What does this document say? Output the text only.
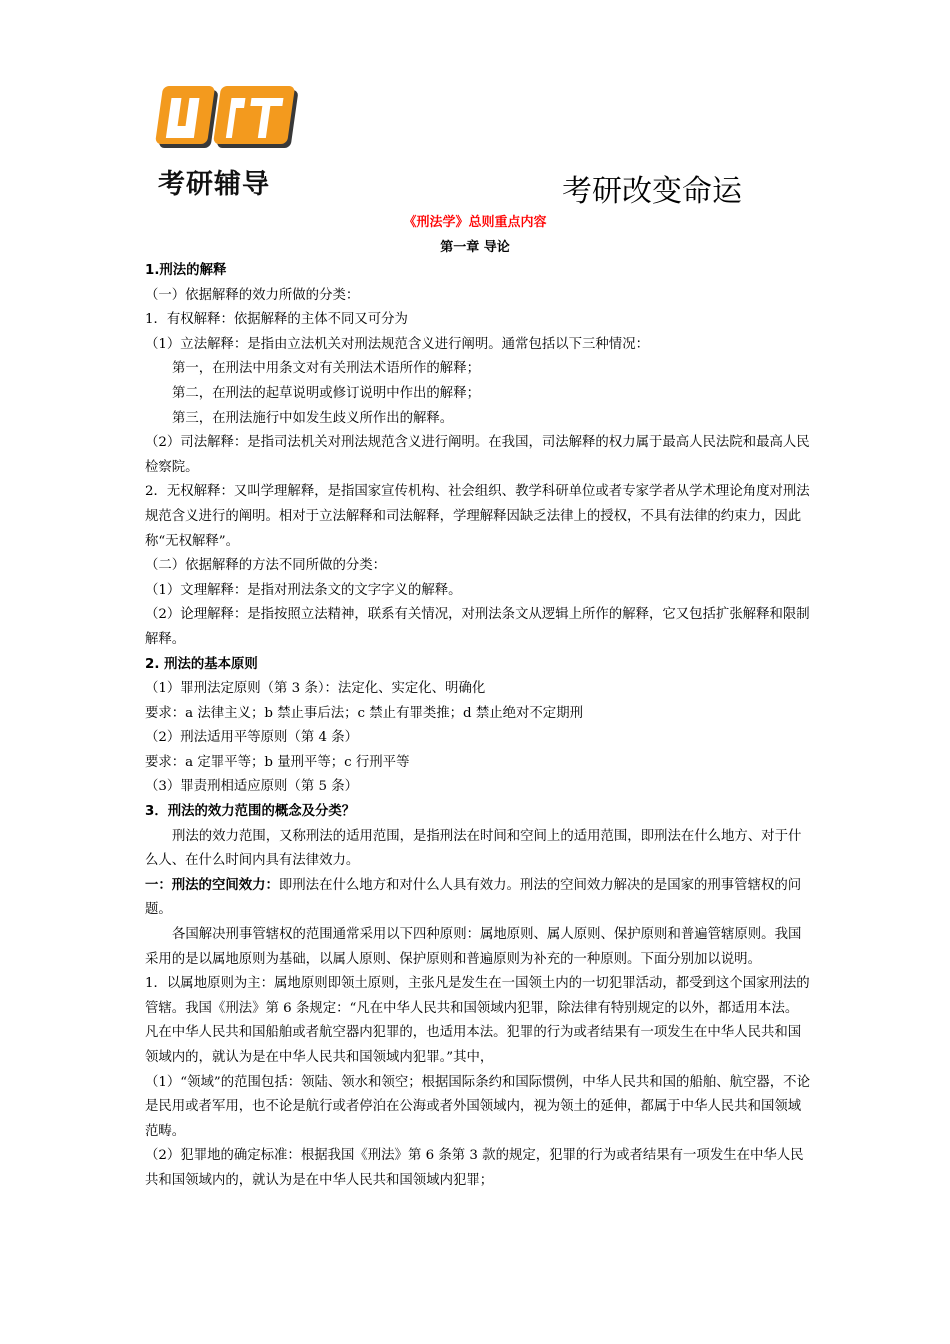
考研辅导	考研改变命运
《刑法学》总则重点内容
第一章 导论

1.刑法的解释

（一）依据解释的效力所做的分类：

1．有权解释：依据解释的主体不同又可分为

（1）立法解释：是指由立法机关对刑法规范含义进行阐明。通常包括以下三种情况：

第一，在刑法中用条文对有关刑法术语所作的解释；

第二，在刑法的起草说明或修订说明中作出的解释；

第三，在刑法施行中如发生歧义所作出的解释。

（2）司法解释：是指司法机关对刑法规范含义进行阐明。在我国，司法解释的权力属于最高人民法院和最高人民检察院。

2．无权解释：又叫学理解释，是指国家宣传机构、社会组织、教学科研单位或者专家学者从学术理论角度对刑法规范含义进行的阐明。相对于立法解释和司法解释，学理解释因缺乏法律上的授权，不具有法律的约束力，因此称“无权解释”。

（二）依据解释的方法不同所做的分类：

（1）文理解释：是指对刑法条文的文字字义的解释。

（2）论理解释：是指按照立法精神，联系有关情况，对刑法条文从逻辑上所作的解释，它又包括扩张解释和限制解释。

2. 刑法的基本原则

（1）罪刑法定原则（第 3 条）：法定化、实定化、明确化

要求：a 法律主义；b 禁止事后法；c 禁止有罪类推；d 禁止绝对不定期刑

（2）刑法适用平等原则（第 4 条）

要求：a 定罪平等；b 量刑平等；c 行刑平等

（3）罪责刑相适应原则（第 5 条）

3．刑法的效力范围的概念及分类？

刑法的效力范围，又称刑法的适用范围，是指刑法在时间和空间上的适用范围，即刑法在什么地方、对于什么人、在什么时间内具有法律效力。

一：刑法的空间效力：即刑法在什么地方和对什么人具有效力。刑法的空间效力解决的是国家的刑事管辖权的问题。

各国解决刑事管辖权的范围通常采用以下四种原则：属地原则、属人原则、保护原则和普遍管辖原则。我国采用的是以属地原则为基础，以属人原则、保护原则和普遍原则为补充的一种原则。下面分别加以说明。

1．以属地原则为主：属地原则即领土原则，主张凡是发生在一国领土内的一切犯罪活动，都受到这个国家刑法的管辖。我国《刑法》第 6 条规定：“凡在中华人民共和国领域内犯罪，除法律有特别规定的以外，都适用本法。凡在中华人民共和国船舶或者航空器内犯罪的，也适用本法。犯罪的行为或者结果有一项发生在中华人民共和国领域内的，就认为是在中华人民共和国领域内犯罪。”其中，

（1）“领域”的范围包括：领陆、领水和领空；根据国际条约和国际惯例，中华人民共和国的船舶、航空器，不论是民用或者军用，也不论是航行或者停泊在公海或者外国领域内，视为领土的延伸，都属于中华人民共和国领域范畴。

（2）犯罪地的确定标准：根据我国《刑法》第 6 条第 3 款的规定，犯罪的行为或者结果有一项发生在中华人民共和国领域内的，就认为是在中华人民共和国领域内犯罪；
